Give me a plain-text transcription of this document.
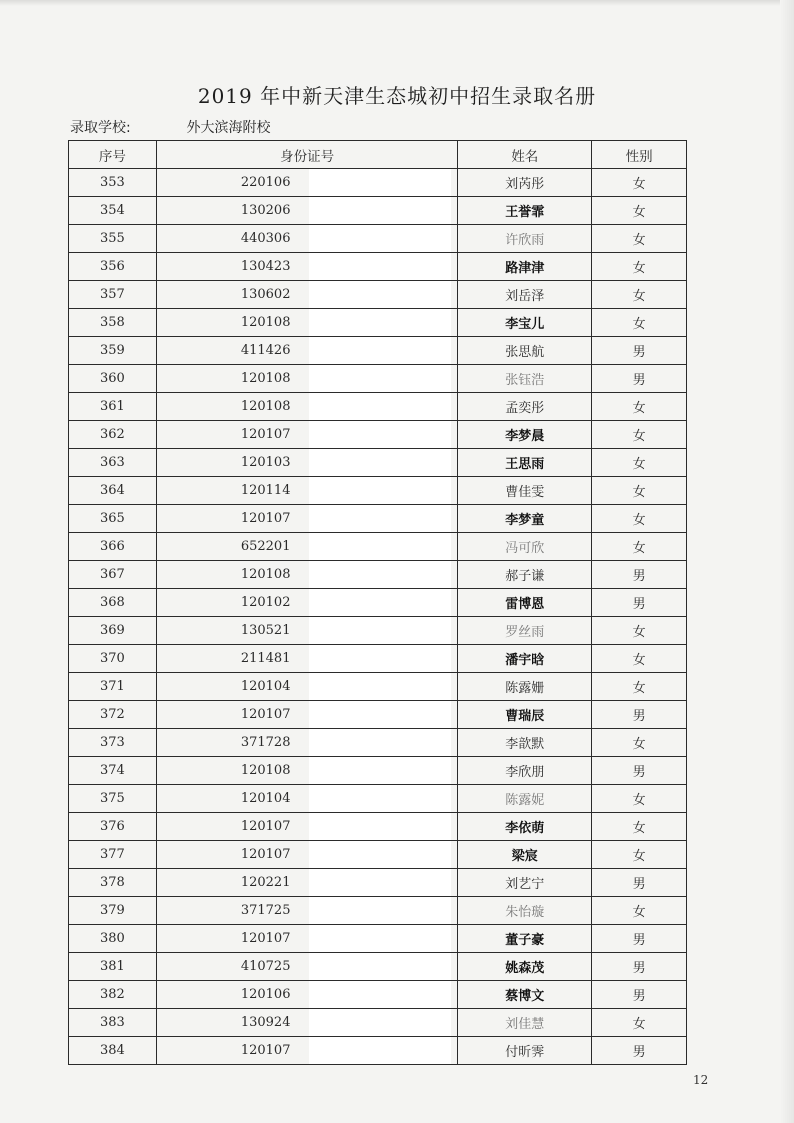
2019 年中新天津生态城初中招生录取名册
录取学校:	外大滨海附校
序号	身份证号	姓名	性别
353	220106	刘芮彤	女
354	130206	王誉霏	女
355	440306	许欣雨	女
356	130423	路津津	女
357	130602	刘岳泽	女
358	120108	李宝儿	女
359	411426	张思航	男
360	120108	张钰浩	男
361	120108	孟奕彤	女
362	120107	李梦晨	女
363	120103	王思雨	女
364	120114	曹佳雯	女
365	120107	李梦童	女
366	652201	冯可欣	女
367	120108	郝子谦	男
368	120102	雷博恩	男
369	130521	罗丝雨	女
370	211481	潘宇晗	女
371	120104	陈露姗	女
372	120107	曹瑞辰	男
373	371728	李歆默	女
374	120108	李欣朋	男
375	120104	陈露妮	女
376	120107	李依萌	女
377	120107	梁宸	女
378	120221	刘艺宁	男
379	371725	朱怡璇	女
380	120107	董子豪	男
381	410725	姚森茂	男
382	120106	蔡博文	男
383	130924	刘佳慧	女
384	120107	付昕霁	男
12
